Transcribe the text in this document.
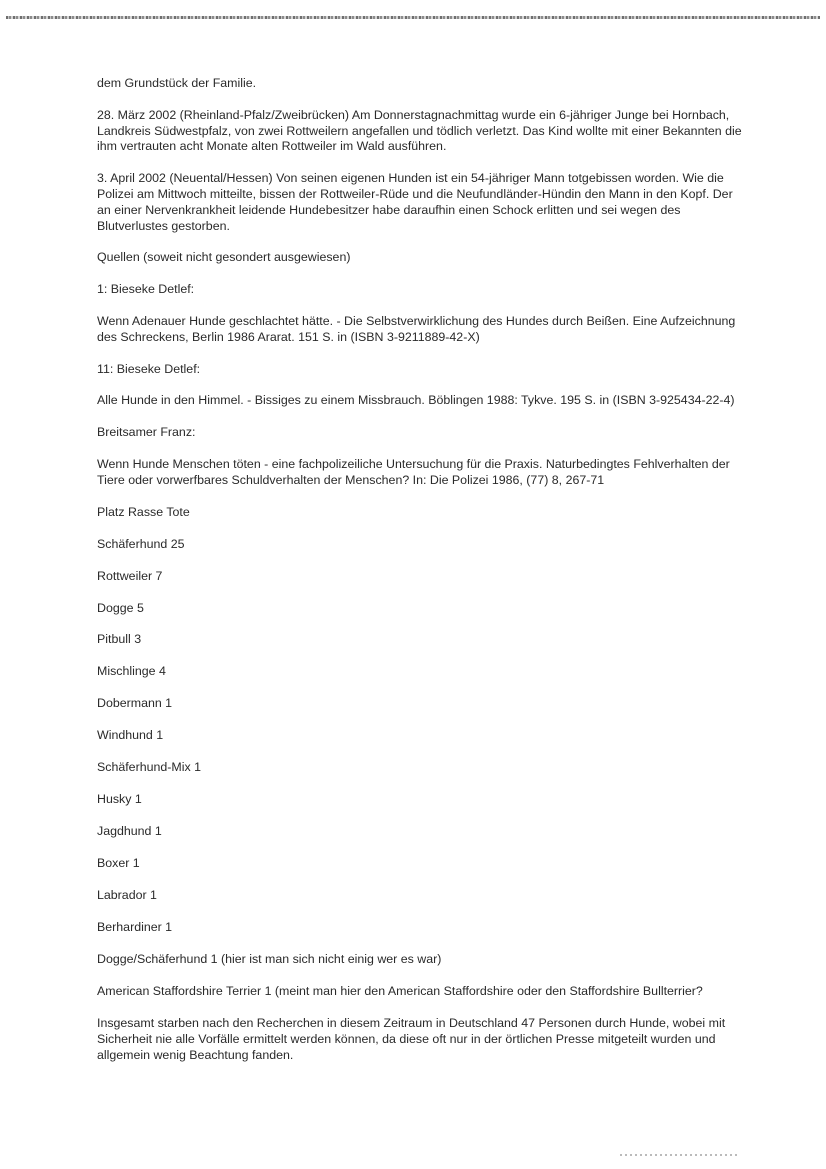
dem Grundstück der Familie.

28. März 2002 (Rheinland-Pfalz/Zweibrücken) Am Donnerstagnachmittag wurde ein 6-jähriger Junge bei Hornbach, Landkreis Südwestpfalz, von zwei Rottweilern angefallen und tödlich verletzt. Das Kind wollte mit einer Bekannten die ihm vertrauten acht Monate alten Rottweiler im Wald ausführen.

3. April 2002 (Neuental/Hessen) Von seinen eigenen Hunden ist ein 54-jähriger Mann totgebissen worden. Wie die Polizei am Mittwoch mitteilte, bissen der Rottweiler-Rüde und die Neufundländer-Hündin den Mann in den Kopf. Der an einer Nervenkrankheit leidende Hundebesitzer habe daraufhin einen Schock erlitten und sei wegen des Blutverlustes gestorben.

Quellen (soweit nicht gesondert ausgewiesen)

1: Bieseke Detlef:

Wenn Adenauer Hunde geschlachtet hätte. - Die Selbstverwirklichung des Hundes durch Beißen. Eine Aufzeichnung des Schreckens, Berlin 1986 Ararat. 151 S. in (ISBN 3-9211889-42-X)

11: Bieseke Detlef:

Alle Hunde in den Himmel. - Bissiges zu einem Missbrauch. Böblingen 1988: Tykve. 195 S. in (ISBN 3-925434-22-4)

Breitsamer Franz:

Wenn Hunde Menschen töten - eine fachpolizeiliche Untersuchung für die Praxis. Naturbedingtes Fehlverhalten der Tiere oder vorwerfbares Schuldverhalten der Menschen? In: Die Polizei 1986, (77) 8, 267-71

Platz Rasse Tote
Schäferhund 25
Rottweiler 7
Dogge 5
Pitbull 3
Mischlinge 4
Dobermann 1
Windhund 1
Schäferhund-Mix 1
Husky 1
Jagdhund 1
Boxer 1
Labrador 1
Berhardiner 1
Dogge/Schäferhund 1 (hier ist man sich nicht einig wer es war)
American Staffordshire Terrier 1 (meint man hier den American Staffordshire oder den Staffordshire Bullterrier?

Insgesamt starben nach den Recherchen in diesem Zeitraum in Deutschland 47 Personen durch Hunde, wobei mit Sicherheit nie alle Vorfälle ermittelt werden können, da diese oft nur in der örtlichen Presse mitgeteilt wurden und allgemein wenig Beachtung fanden.
